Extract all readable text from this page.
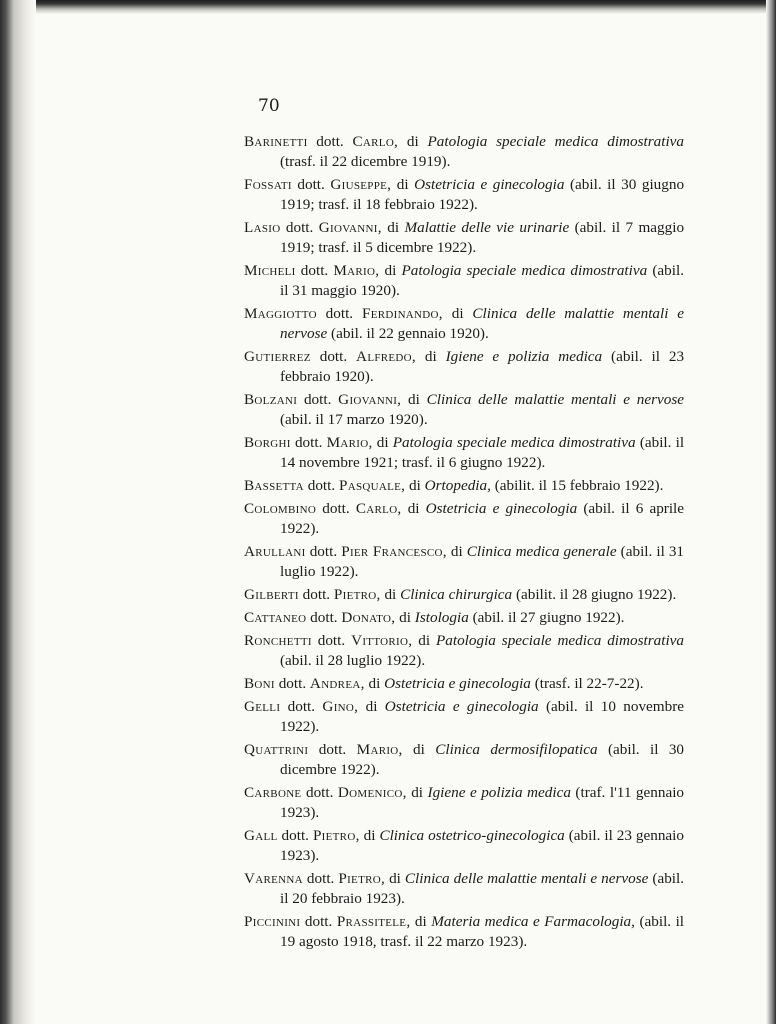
70

Barinetti dott. Carlo, di Patologia speciale medica dimostrativa (trasf. il 22 dicembre 1919).

Fossati dott. Giuseppe, di Ostetricia e ginecologia (abil. il 30 giugno 1919; trasf. il 18 febbraio 1922).

Lasio dott. Giovanni, di Malattie delle vie urinarie (abil. il 7 maggio 1919; trasf. il 5 dicembre 1922).

Micheli dott. Mario, di Patologia speciale medica dimostrativa (abil. il 31 maggio 1920).

Maggiotto dott. Ferdinando, di Clinica delle malattie mentali e nervose (abil. il 22 gennaio 1920).

Gutierrez dott. Alfredo, di Igiene e polizia medica (abil. il 23 febbraio 1920).

Bolzani dott. Giovanni, di Clinica delle malattie mentali e nervose (abil. il 17 marzo 1920).

Borghi dott. Mario, di Patologia speciale medica dimostrativa (abil. il 14 novembre 1921; trasf. il 6 giugno 1922).

Bassetta dott. Pasquale, di Ortopedia, (abilit. il 15 febbraio 1922).

Colombino dott. Carlo, di Ostetricia e ginecologia (abil. il 6 aprile 1922).

Arullani dott. Pier Francesco, di Clinica medica generale (abil. il 31 luglio 1922).

Gilberti dott. Pietro, di Clinica chirurgica (abilit. il 28 giugno 1922).

Cattaneo dott. Donato, di Istologia (abil. il 27 giugno 1922).

Ronchetti dott. Vittorio, di Patologia speciale medica dimostrativa (abil. il 28 luglio 1922).

Boni dott. Andrea, di Ostetricia e ginecologia (trasf. il 22-7-22).

Gelli dott. Gino, di Ostetricia e ginecologia (abil. il 10 novembre 1922).

Quattrini dott. Mario, di Clinica dermosifilopatica (abil. il 30 dicembre 1922).

Carbone dott. Domenico, di Igiene e polizia medica (traf. l'11 gennaio 1923).

Gall dott. Pietro, di Clinica ostetrico-ginecologica (abil. il 23 gennaio 1923).

Varenna dott. Pietro, di Clinica delle malattie mentali e nervose (abil. il 20 febbraio 1923).

Piccinini dott. Prassitele, di Materia medica e Farmacologia, (abil. il 19 agosto 1918, trasf. il 22 marzo 1923).
